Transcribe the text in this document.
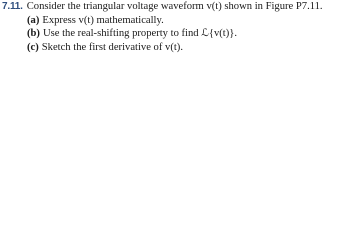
7.11. Consider the triangular voltage waveform v(t) shown in Figure P7.11.
(a) Express v(t) mathematically.
(b) Use the real-shifting property to find ℒ{v(t)}.
(c) Sketch the first derivative of v(t).
